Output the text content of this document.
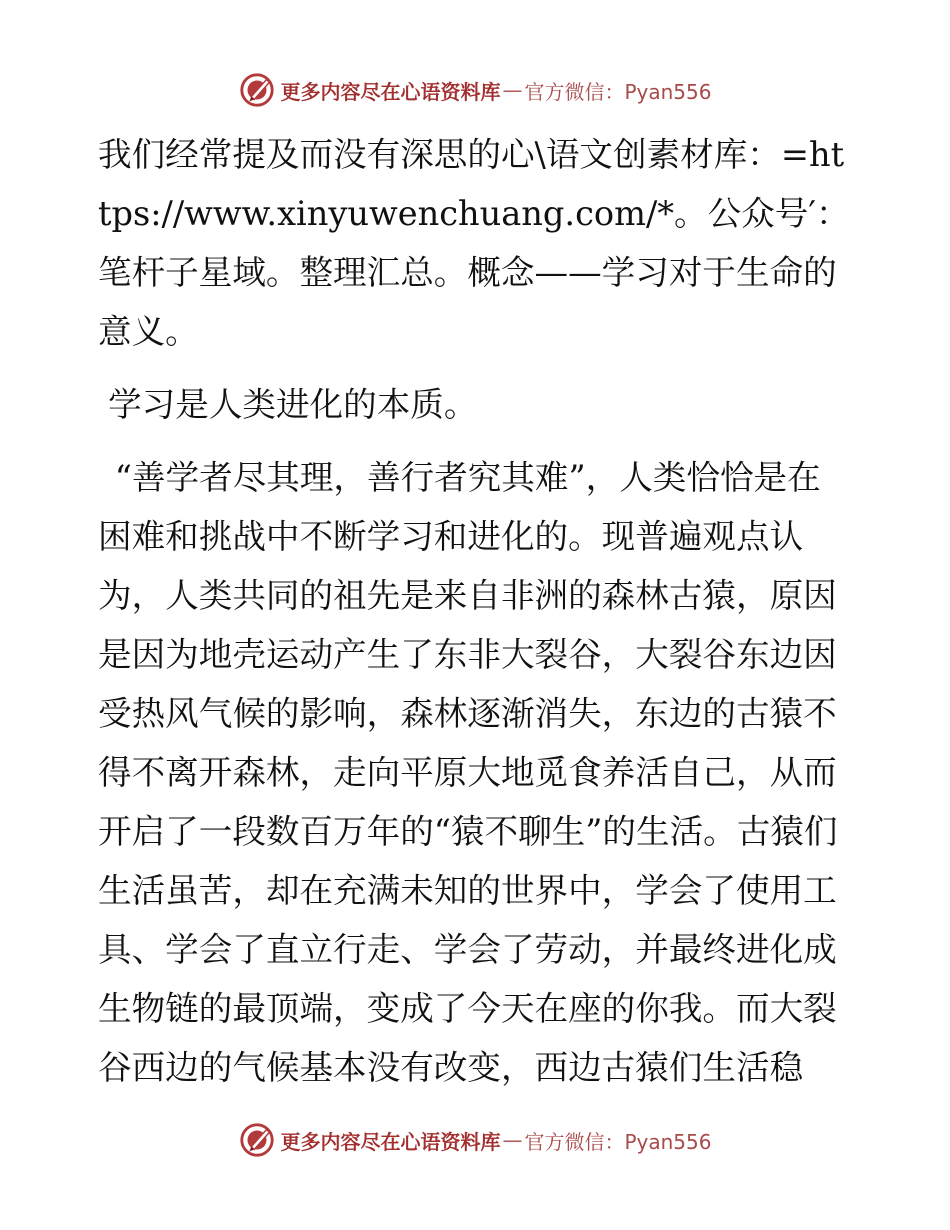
更多内容尽在心语资料库 — 官方微信：Pyan556

我们经常提及而没有深思的心\语文创素材库：=https://www.xinyuwenchuang.com/*。公众号′：笔杆子星域。整理汇总。概念——学习对于生命的意义。

学习是人类进化的本质。

“善学者尽其理，善行者究其难”，人类恰恰是在困难和挑战中不断学习和进化的。现普遍观点认为，人类共同的祖先是来自非洲的森林古猿，原因是因为地壳运动产生了东非大裂谷，大裂谷东边因受热风气候的影响，森林逐渐消失，东边的古猿不得不离开森林，走向平原大地觅食养活自己，从而开启了一段数百万年的“猿不聊生”的生活。古猿们生活虽苦，却在充满未知的世界中，学会了使用工具、学会了直立行走、学会了劳动，并最终进化成生物链的最顶端，变成了今天在座的你我。而大裂谷西边的气候基本没有改变，西边古猿们生活稳

更多内容尽在心语资料库 — 官方微信：Pyan556
